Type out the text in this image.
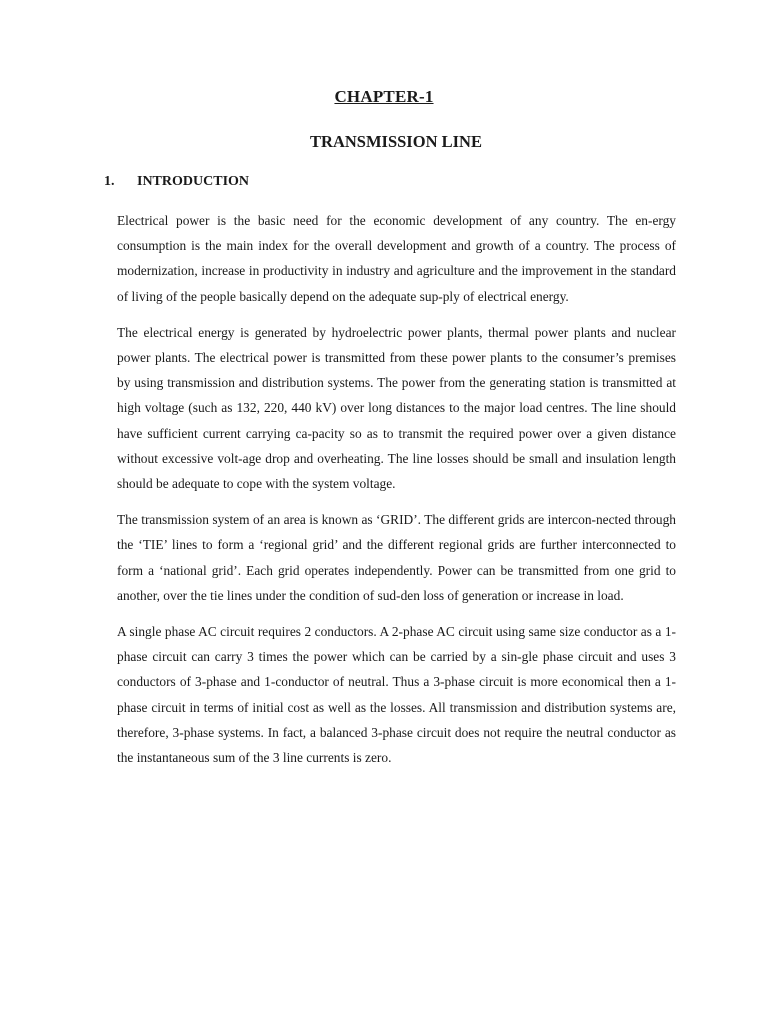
CHAPTER-1
TRANSMISSION LINE
1.	INTRODUCTION

Electrical power is the basic need for the economic development of any country. The en-ergy consumption is the main index for the overall development and growth of a country. The process of modernization, increase in productivity in industry and agriculture and the improvement in the standard of living of the people basically depend on the adequate sup-ply of electrical energy.

The electrical energy is generated by hydroelectric power plants, thermal power plants and nuclear power plants. The electrical power is transmitted from these power plants to the consumer’s premises by using transmission and distribution systems. The power from the generating station is transmitted at high voltage (such as 132, 220, 440 kV) over long distances to the major load centres. The line should have sufficient current carrying ca-pacity so as to transmit the required power over a given distance without excessive volt-age drop and overheating. The line losses should be small and insulation length should be adequate to cope with the system voltage.

The transmission system of an area is known as ‘GRID’. The different grids are intercon-nected through the ‘TIE’ lines to form a ‘regional grid’ and the different regional grids are further interconnected to form a ‘national grid’. Each grid operates independently. Power can be transmitted from one grid to another, over the tie lines under the condition of sud-den loss of generation or increase in load.

A single phase AC circuit requires 2 conductors. A 2-phase AC circuit using same size conductor as a 1-phase circuit can carry 3 times the power which can be carried by a sin-gle phase circuit and uses 3 conductors of 3-phase and 1-conductor of neutral. Thus a 3-phase circuit is more economical then a 1-phase circuit in terms of initial cost as well as the losses. All transmission and distribution systems are, therefore, 3-phase systems. In fact, a balanced 3-phase circuit does not require the neutral conductor as the instantaneous sum of the 3 line currents is zero.
